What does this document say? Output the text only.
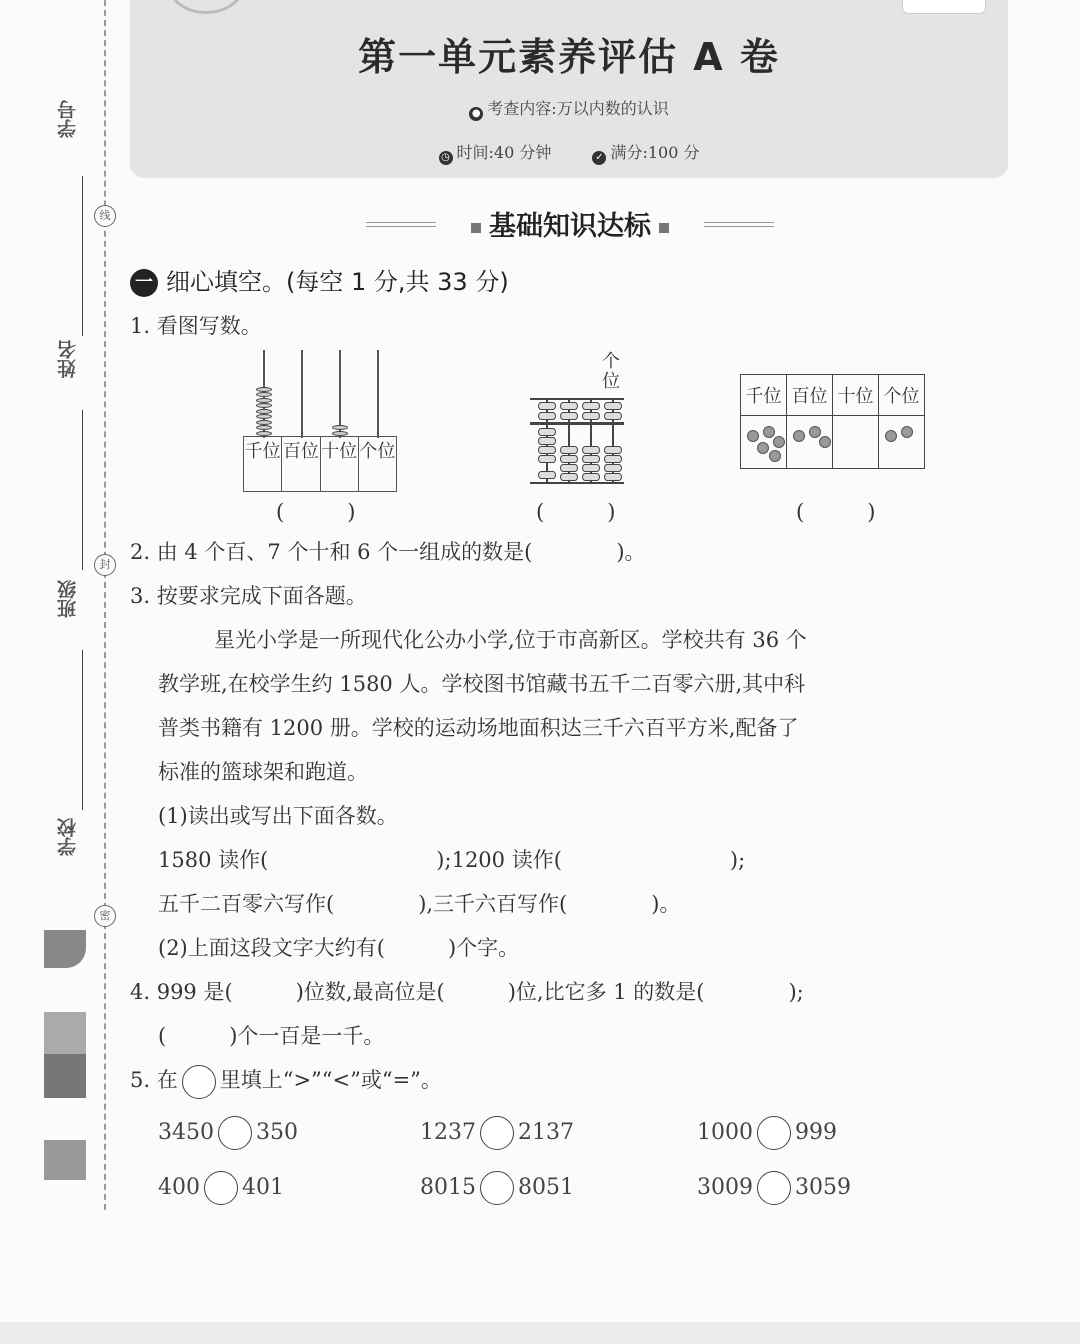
学号
姓名
班级
学校
线
封
密
第一单元素养评估 A 卷
● 考查内容:万以内数的认识
◷ 时间:40 分钟	✓ 满分:100 分
基础知识达标
一 细心填空。(每空 1 分,共 33 分)
1. 看图写数。
千位 百位 十位 个位
(　　　)
个位
(　　　)
千位	百位	十位	个位

(　　　)
2. 由 4 个百、7 个十和 6 个一组成的数是(　　　　)。
3. 按要求完成下面各题。
星光小学是一所现代化公办小学,位于市高新区。学校共有 36 个
教学班,在校学生约 1580 人。学校图书馆藏书五千二百零六册,其中科
普类书籍有 1200 册。学校的运动场地面积达三千六百平方米,配备了
标准的篮球架和跑道。
(1)读出或写出下面各数。
1580 读作(　　　　　　　　);1200 读作(　　　　　　　　);
五千二百零六写作(　　　　),三千六百写作(　　　　)。
(2)上面这段文字大约有(　　　)个字。
4. 999 是(　　　)位数,最高位是(　　　)位,比它多 1 的数是(　　　　);
(　　　)个一百是一千。
5. 在 里填上“>”“<”或“=”。
3450 350	1237 2137	1000 999
400 401	8015 8051	3009 3059
